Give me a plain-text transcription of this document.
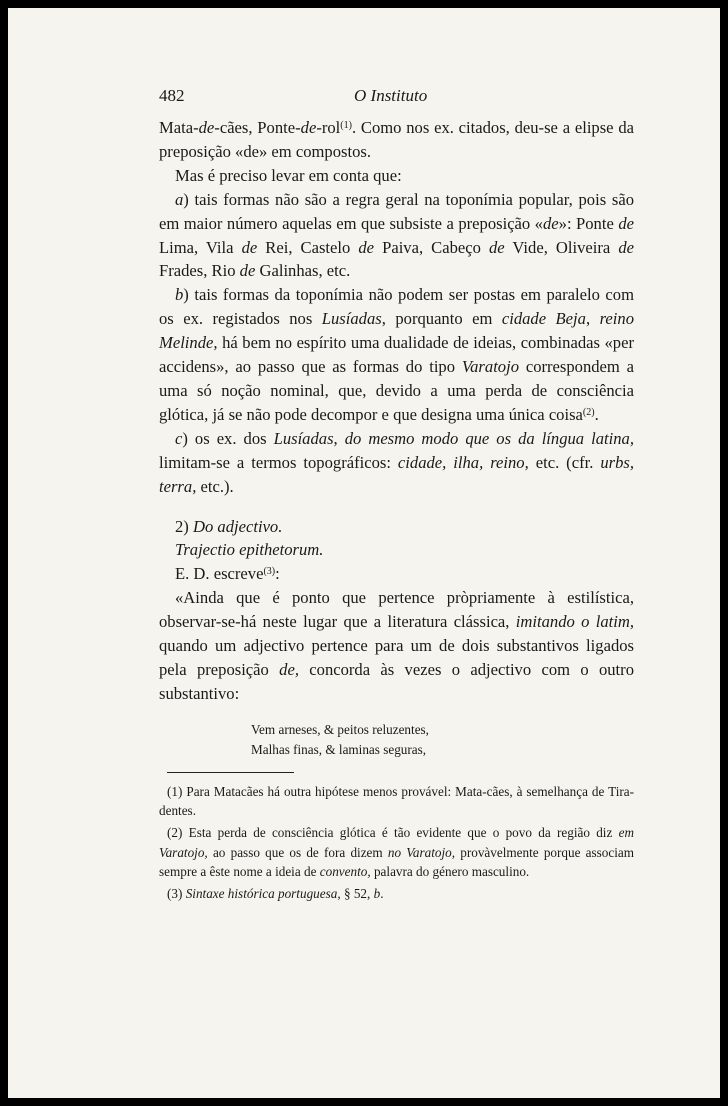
482	O Instituto

Mata-de-cães, Ponte-de-rol$^{(1)}$. Como nos ex. citados, deu-se a elipse da preposição «de» em compostos.

Mas é preciso levar em conta que:

a) tais formas não são a regra geral na toponímia popular, pois são em maior número aquelas em que subsiste a preposição «de»: Ponte de Lima, Vila de Rei, Castelo de Paiva, Cabeço de Vide, Oliveira de Frades, Rio de Galinhas, etc.

b) tais formas da toponímia não podem ser postas em paralelo com os ex. registados nos Lusíadas, porquanto em cidade Beja, reino Melinde, há bem no espírito uma dualidade de ideias, combinadas «per accidens», ao passo que as formas do tipo Varatojo correspondem a uma só noção nominal, que, devido a uma perda de consciência glótica, já se não pode decompor e que designa uma única coisa$^{(2)}$.

c) os ex. dos Lusíadas, do mesmo modo que os da língua latina, limitam-se a termos topográficos: cidade, ilha, reino, etc. (cfr. urbs, terra, etc.).

2) Do adjectivo.

Trajectio epithetorum.

E. D. escreve$^{(3)}$:

«Ainda que é ponto que pertence pròpriamente à estilística, observar-se-há neste lugar que a literatura clássica, imitando o latim, quando um adjectivo pertence para um de dois substantivos ligados pela preposição de, concorda às vezes o adjectivo com o outro substantivo:

Vem arneses, & peitos reluzentes,
Malhas finas, & laminas seguras,

(1) Para Matacães há outra hipótese menos provável: Mata-cães, à semelhança de Tira-dentes.

(2) Esta perda de consciência glótica é tão evidente que o povo da região diz em Varatojo, ao passo que os de fora dizem no Varatojo, provàvelmente porque associam sempre a êste nome a ideia de convento, palavra do género masculino.

(3) Sintaxe histórica portuguesa, § 52, b.
